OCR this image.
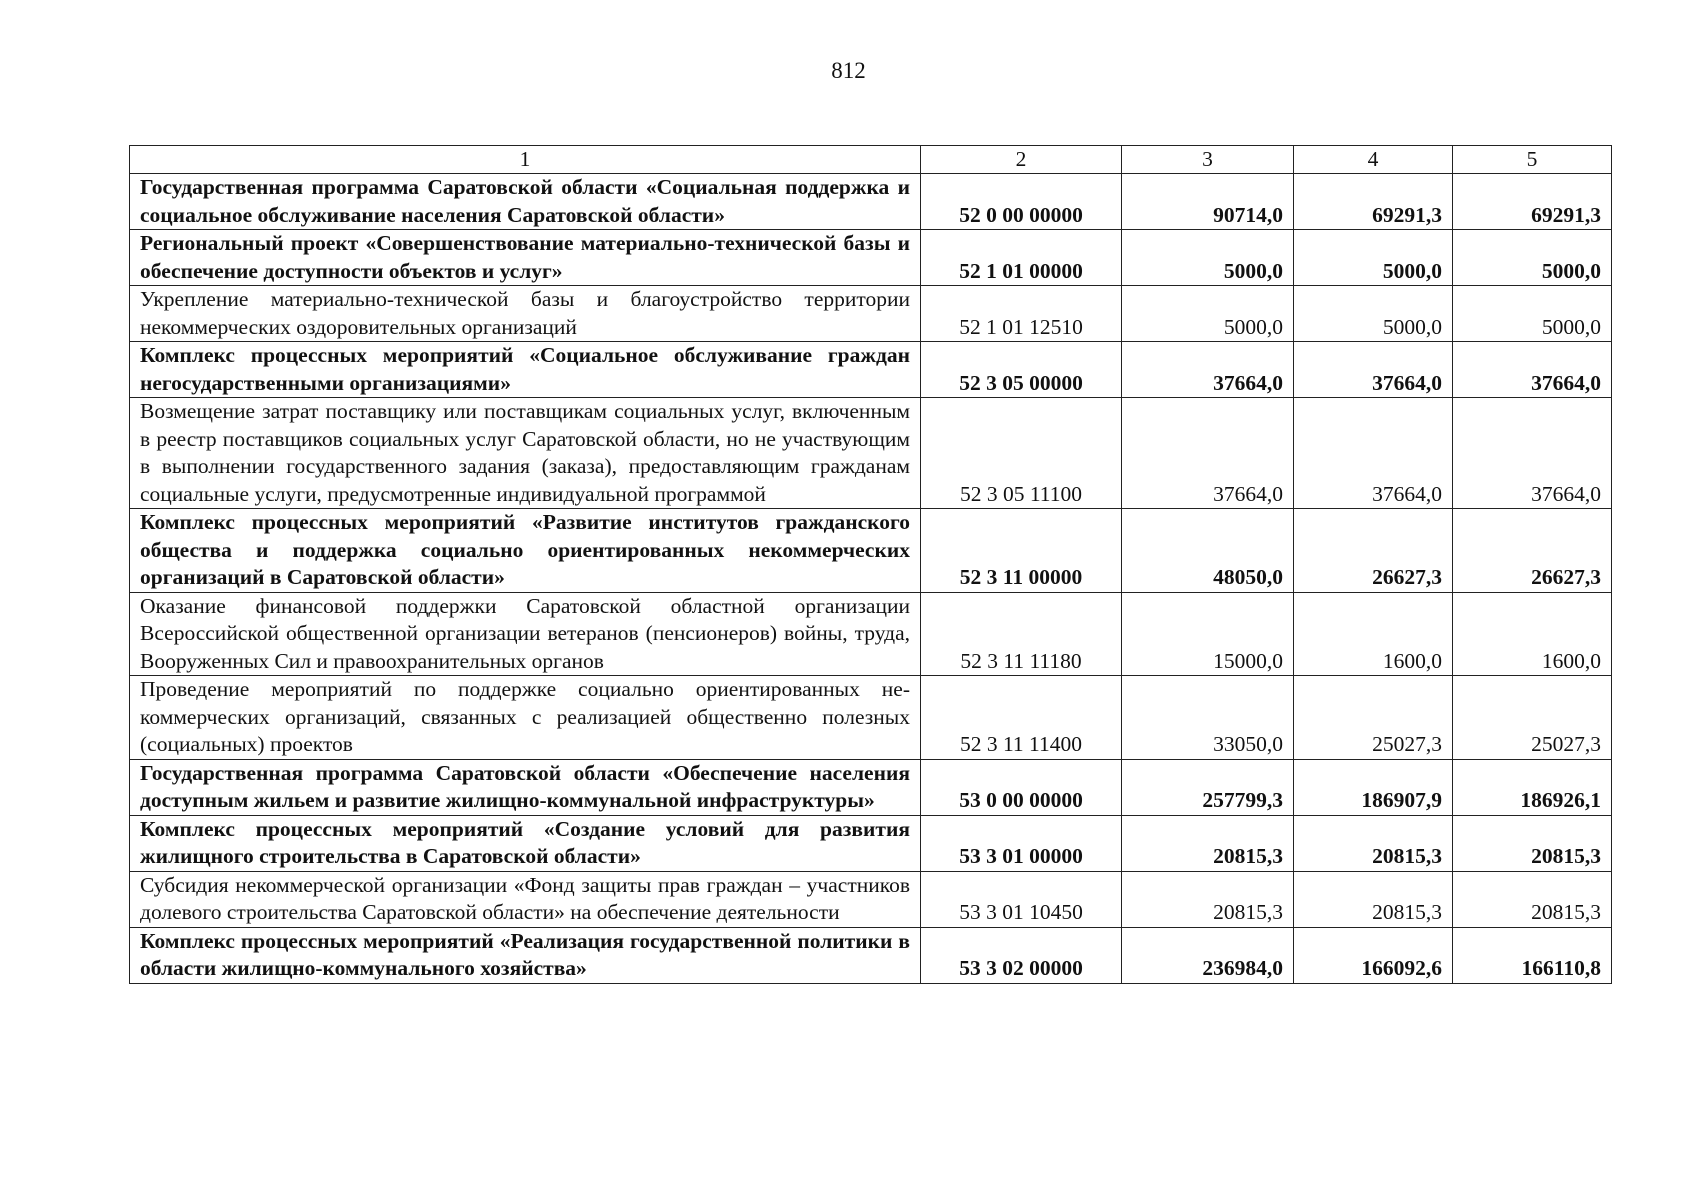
812
1	2	3	4	5
Государственная программа Саратовской области «Социальная поддержка и социальное обслуживание населения Саратовской области»	52 0 00 00000	90714,0	69291,3	69291,3
Региональный проект «Совершенствование материально-технической базы и обеспечение доступности объектов и услуг»	52 1 01 00000	5000,0	5000,0	5000,0
Укрепление материально-технической базы и благоустройство территории некоммерческих оздоровительных организаций	52 1 01 12510	5000,0	5000,0	5000,0
Комплекс процессных мероприятий «Социальное обслуживание граждан негосударственными организациями»	52 3 05 00000	37664,0	37664,0	37664,0
Возмещение затрат поставщику или поставщикам социальных услуг, включенным в реестр поставщиков социальных услуг Саратовской области, но не участвующим в выполнении государственного задания (заказа), предоставляющим гражданам социальные услуги, предусмотренные индивидуальной программой	52 3 05 11100	37664,0	37664,0	37664,0
Комплекс процессных мероприятий «Развитие институтов гражданского общества и поддержка социально ориентированных некоммерческих организаций в Саратовской области»	52 3 11 00000	48050,0	26627,3	26627,3
Оказание финансовой поддержки Саратовской областной организации Всероссийской общественной организации ветеранов (пенсионеров) войны, труда, Вооруженных Сил и правоохранительных органов	52 3 11 11180	15000,0	1600,0	1600,0
Проведение мероприятий по поддержке социально ориентированных некоммерческих организаций, связанных с реализацией общественно полезных (социальных) проектов	52 3 11 11400	33050,0	25027,3	25027,3
Государственная программа Саратовской области «Обеспечение населения доступным жильем и развитие жилищно-коммунальной инфраструктуры»	53 0 00 00000	257799,3	186907,9	186926,1
Комплекс процессных мероприятий «Создание условий для развития жилищного строительства в Саратовской области»	53 3 01 00000	20815,3	20815,3	20815,3
Субсидия некоммерческой организации «Фонд защиты прав граждан – участников долевого строительства Саратовской области» на обеспечение деятельности	53 3 01 10450	20815,3	20815,3	20815,3
Комплекс процессных мероприятий «Реализация государственной политики в области жилищно-коммунального хозяйства»	53 3 02 00000	236984,0	166092,6	166110,8
